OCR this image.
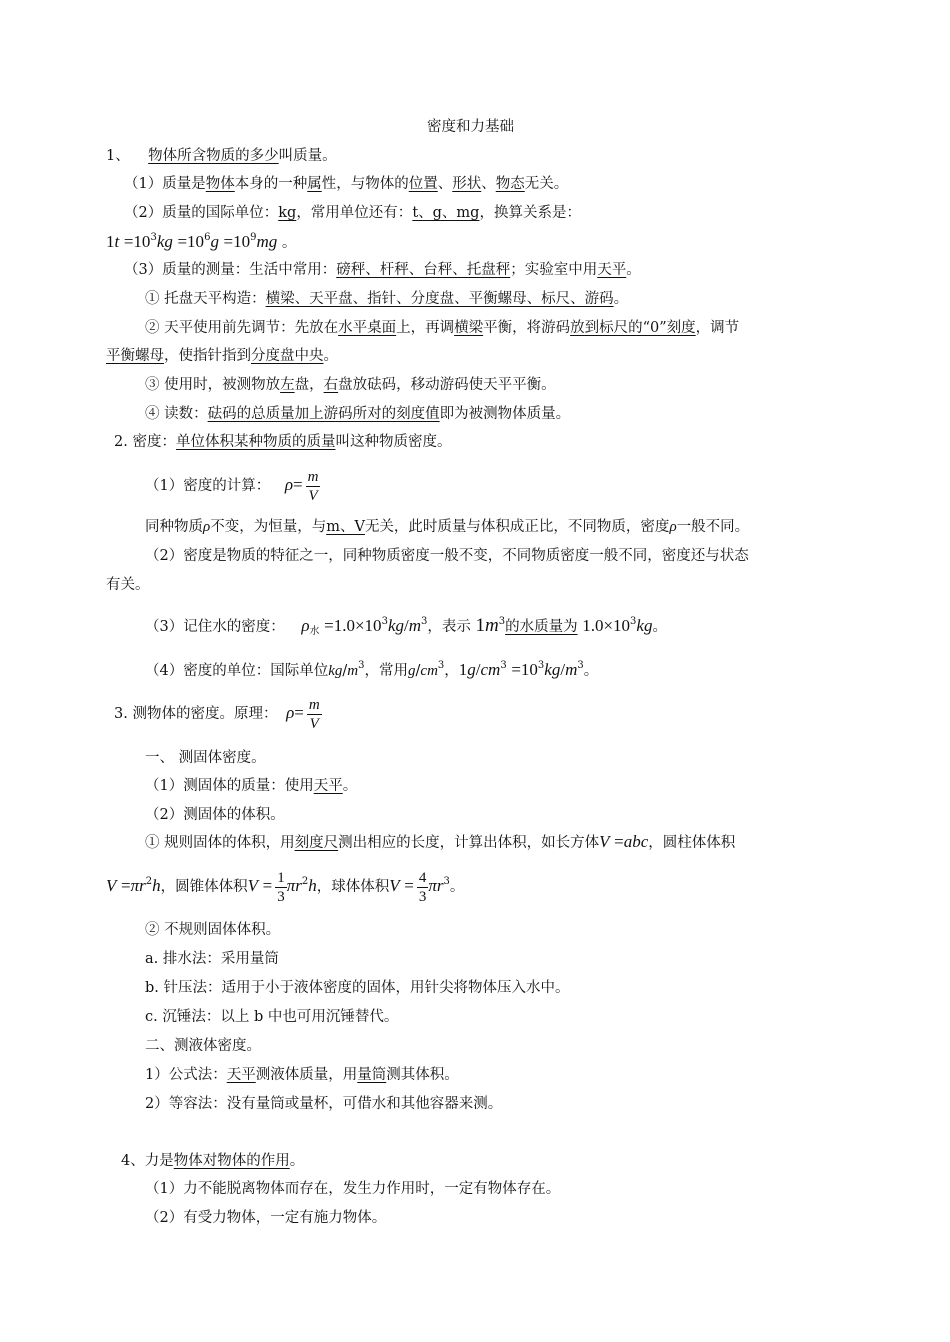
密度和力基础
1、 物体所含物质的多少叫质量。
（1）质量是物体本身的一种属性，与物体的位置、形状、物态无关。
（2）质量的国际单位：kg，常用单位还有：t、g、mg，换算关系是：
$1t =10^3kg =10^6g =10^9mg$ 。
（3）质量的测量：生活中常用：磅秤、杆秤、台秤、托盘秤；实验室中用天平。
① 托盘天平构造：横梁、天平盘、指针、分度盘、平衡螺母、标尺、游码。
② 天平使用前先调节：先放在水平桌面上，再调横梁平衡，将游码放到标尺的“0”刻度，调节
平衡螺母，使指针指到分度盘中央。
③ 使用时，被测物放左盘，右盘放砝码，移动游码使天平平衡。
④ 读数：砝码的总质量加上游码所对的刻度值即为被测物体质量。
2. 密度：单位体积某种物质的质量叫这种物质密度。
（1）密度的计算： $\rho= \frac{m}{V}$
同种物质ρ不变，为恒量，与m、V无关，此时质量与体积成正比，不同物质，密度ρ一般不同。
（2）密度是物质的特征之一，同种物质密度一般不变，不同物质密度一般不同，密度还与状态
有关。
（3）记住水的密度： $\rho_水 =1.0\times 10^3kg/m^3$，表示 $1m^3$的水质量为 $1.0\times 10^3kg$。
（4）密度的单位：国际单位$kg/m^3$，常用$g/cm^3$，$1g/cm^3 =10^3kg/m^3$。
3. 测物体的密度。原理： $\rho= \frac{m}{V}$
一、 测固体密度。
（1）测固体的质量：使用天平。
（2）测固体的体积。
① 规则固体的体积，用刻度尺测出相应的长度，计算出体积，如长方体V =abc，圆柱体体积
$V =\pi r^2h$，圆锥体体积$V = \frac{1}{3} \pi r^2h$，球体体积$V = \frac{4}{3} \pi r^3$。
② 不规则固体体积。
a. 排水法：采用量筒
b. 针压法：适用于小于液体密度的固体，用针尖将物体压入水中。
c. 沉锤法：以上 b 中也可用沉锤替代。
二、测液体密度。
1）公式法：天平测液体质量，用量筒测其体积。
2）等容法：没有量筒或量杯，可借水和其他容器来测。
4、力是物体对物体的作用。
（1）力不能脱离物体而存在，发生力作用时，一定有物体存在。
（2）有受力物体，一定有施力物体。
